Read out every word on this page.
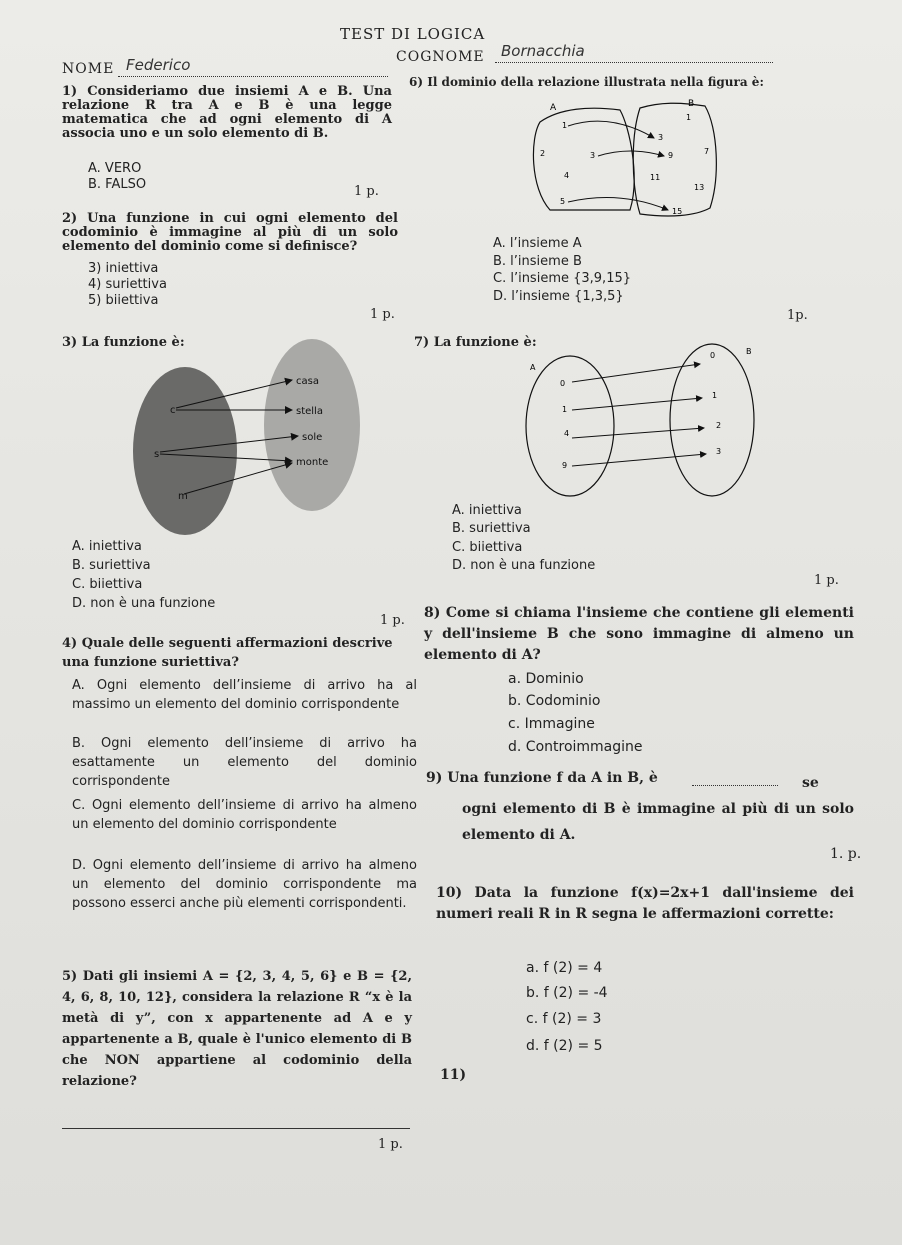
TEST DI LOGICA
NOME Federico	COGNOME Bornacchia
1) Consideriamo due insiemi A e B. Una relazione R tra A e B è una legge matematica che ad ogni elemento di A associa uno e un solo elemento di B.
A. VERO
B. FALSO	1 p.
2) Una funzione in cui ogni elemento del codominio è immagine al più di un solo elemento del dominio come si definisce?
3) iniettiva
4) suriettiva
5) biiettiva
1 p.
3) La funzione è:
c
s
m
casa
stella
sole
monte
A. iniettiva
B. suriettiva
C. biiettiva
D. non è una funzione
1 p.
4) Quale delle seguenti affermazioni descrive una funzione suriettiva?
A. Ogni elemento dell’insieme di arrivo ha al massimo un elemento del dominio corrispondente
B. Ogni elemento dell’insieme di arrivo ha esattamente un elemento del dominio corrispondente
C. Ogni elemento dell’insieme di arrivo ha almeno un elemento del dominio corrispondente
D. Ogni elemento dell’insieme di arrivo ha almeno un elemento del dominio corrispondente ma possono esserci anche più elementi corrispondenti.
5) Dati gli insiemi A = {2, 3, 4, 5, 6} e B = {2, 4, 6, 8, 10, 12}, considera la relazione R “x è la metà di y”, con x appartenente ad A e y appartenente a B, quale è l'unico elemento di B che NON appartiene al codominio della relazione?
1 p.
6) Il dominio della relazione illustrata nella figura è:
A	B
1
2	3
4
5
1
3
7
9
11
13
15
A. l’insieme A
B. l’insieme B
C. l’insieme {3,9,15}
D. l’insieme {1,3,5}
1p.
7) La funzione è:
A
B
0
1
4
9
0
1
2
3
A. iniettiva
B. suriettiva
C. biiettiva
D. non è una funzione
1 p.
8) Come si chiama l'insieme che contiene gli elementi y dell'insieme B che sono immagine di almeno un elemento di A?
a. Dominio
b. Codominio
c. Immagine
d. Controimmagine
9) Una funzione f da A in B, è	se ogni elemento di B è immagine al più di un solo elemento di A.
1. p.
10) Data la funzione f(x)=2x+1 dall'insieme dei numeri reali R in R segna le affermazioni corrette:
a. f (2) = 4
b. f (2) = -4
c. f (2) = 3
d. f (2) = 5
11)
